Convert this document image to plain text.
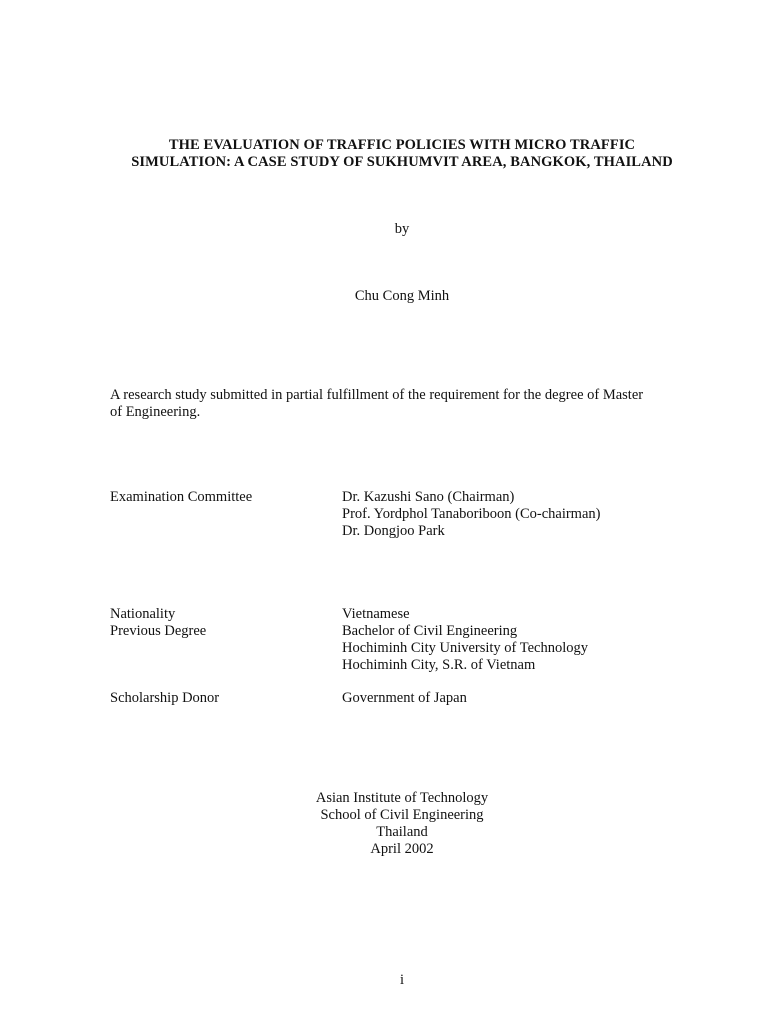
THE EVALUATION OF TRAFFIC POLICIES WITH MICRO TRAFFIC
SIMULATION: A CASE STUDY OF SUKHUMVIT AREA, BANGKOK, THAILAND
by
Chu Cong Minh
A research study submitted in partial fulfillment of the requirement for the degree of Master
of Engineering.
Examination Committee	Dr. Kazushi Sano (Chairman)
Prof. Yordphol Tanaboriboon (Co-chairman)
Dr. Dongjoo Park
Nationality	Vietnamese
Previous Degree	Bachelor of Civil Engineering
Hochiminh City University of Technology
Hochiminh City, S.R. of Vietnam
Scholarship Donor	Government of Japan
Asian Institute of Technology
School of Civil Engineering
Thailand
April 2002
i
